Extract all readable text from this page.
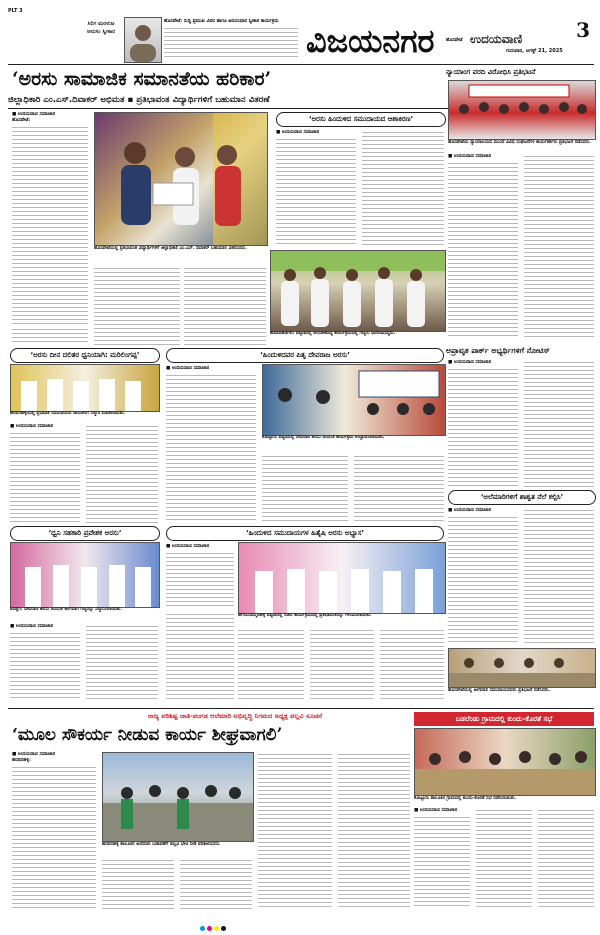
PLT 3
ಸಿರಿಗ ಮರಳುಜ ಅನುಸಂ ಸ್ವೀಕಾರ
ಹೊಸಪೇಟೆ: ಸುದ್ದಿ ಪ್ರಮುಖ ವಿವರ ಹಾಗೂ ಅನುಸಂಧಾನ ಸ್ವೀಕಾರ ಕಾರ್ಯಕ್ರಮ
ವಿಜಯನಗರ	3
ಹೊಸಪೇಟೆ ಉದಯವಾಣಿ
ಗುರುವಾರ, ಆಗಸ್ಟ್ 21, 2025
‘ಅರಸು ಸಾಮಾಜಿಕ ಸಮಾನತೆಯ ಹರಿಕಾರ’
ಜಿಲ್ಲಾಧಿಕಾರಿ ಎಂ.ಎಸ್.ದಿವಾಕರ್ ಅಭಿಮತ ▪ ಪ್ರತಿಭಾವಂತ ವಿದ್ಯಾರ್ಥಿಗಳಿಗೆ ಬಹುಮಾನ ವಿತರಣೆ
■ ಉದಯವಾಣಿ ಸಮಾಚಾರ
ಹೊಸಪೇಟೆ:
ಹೊಸಪೇಟೆಯಲ್ಲಿ ಪ್ರತಿಭಾವಂತ ವಿದ್ಯಾರ್ಥಿಗಳಿಗೆ ಜಿಲ್ಲಾಧಿಕಾರಿ ಎಂ.ಎಸ್. ದಿವಾಕರ್ ಬಹುಮಾನ ವಿತರಿಸಿದರು.
‘ಅರಸು ಹಿಂದುಳಿದ ಸಮುದಾಯದ ಆಶಾಕಿರಣ’
■ ಉದಯವಾಣಿ ಸಮಾಚಾರ
ಹೂವಿನಹಡಗಲಿ: ಪಟ್ಟಣದಲ್ಲಿ ಆಯೋಜಿಸಿದ್ದ ಕಾರ್ಯಕ್ರಮದಲ್ಲಿ ಗಣ್ಯರು ಭಾಗವಹಿಸಿದ್ದರು.
ನ್ಯಾಯಾಂಗ ವರದಿ ವಿರೋಧಿಸಿ ಪ್ರತಿಭಟನೆ
ಹೊಸಪೇಟೆಯ ನ್ಯಾಯಾಲಯದ ಮುಂದೆ ವಿವಿಧ ಸಂಘಟನೆಗಳ ಕಾರ್ಯಕರ್ತರು ಪ್ರತಿಭಟನೆ ನಡೆಸಿದರು.
■ ಉದಯವಾಣಿ ಸಮಾಚಾರ
ಅಪ್ರಾವೃತ ಪಾರ್ಕ್ ಅಭ್ಯರ್ಥಿಗಳಿಗೆ ನೋಟಿಸ್
■ ಉದಯವಾಣಿ ಸಮಾಚಾರ
‘ಅಲೆಮಾರಿಗಳಿಗೆ ಶಾಶ್ವತ ನೆಲೆ ಕಲ್ಪಿಸಿ’
■ ಉದಯವಾಣಿ ಸಮಾಚಾರ
ಹೊಸಪೇಟೆಯಲ್ಲಿ ಅಲೆಮಾರಿ ಸಮುದಾಯದವರು ಪ್ರತಿಭಟನೆ ನಡೆಸಿದರು.
‘ಅರಸು ದೀನ ದಲಿತರ ಧ್ವನಿಯಾಗಿ: ಮರಿಲಿಂಗಪ್ಪ’
ಹರಪನಹಳ್ಳಿಯಲ್ಲಿ ಪ್ರಭಾವಿತ ಸಮುದಾಯದ ನಾಯಕರಿಗೆ ಸನ್ಮಾನ ಮಾಡಲಾಯಿತು.
■ ಉದಯವಾಣಿ ಸಮಾಚಾರ
‘ಹಿಂದುಳಿದವರ ಪಿತೃ ದೇವರಾಜ ಅರಸು’
■ ಉದಯವಾಣಿ ಸಮಾಚಾರ
ಕೊಟ್ಟೂರು ಪಟ್ಟಣದಲ್ಲಿ ದೇವರಾಜ ಅರಸು ಜಯಂತಿ ಕಾರ್ಯಕ್ರಮ ಉದ್ಘಾಟಿಸಲಾಯಿತು.
‘ಧ್ವನಿ ಸಹಕಾರಿ ಪ್ರವೇಶಕ ಅರಸು’
ಕೂಡ್ಲಿಗಿ: ದೇವರಾಜ ಅರಸು ಜಯಂತಿ ಅಂಗವಾಗಿ ಗಣ್ಯರನ್ನು ಸನ್ಮಾನಿಸಲಾಯಿತು.
■ ಉದಯವಾಣಿ ಸಮಾಚಾರ
‘ಹಿಂದುಳಿದ ಸಮುದಾಯಗಳ ಹಿತೈಷಿ ಅರಸು ಅಭ್ಯಾಸ’
■ ಉದಯವಾಣಿ ಸಮಾಚಾರ
ಹಗರಿಬೊಮ್ಮನಹಳ್ಳಿ ಪಟ್ಟಣದಲ್ಲಿ ನಡೆದ ಕಾರ್ಯಕ್ರಮದಲ್ಲಿ ಪ್ರತಿಭಾವಂತರನ್ನು ಗೌರವಿಸಲಾಯಿತು.
ರಾಜ್ಯ ಪರಿಶಿಷ್ಟ ಜಾತಿ-ಪಂಗಡ ಆಲೆಮಾರಿ ಅಭಿವೃದ್ಧಿ ನಿಗಮದ ಅಧ್ಯಕ್ಷ ಪಲ್ಲವಿ ಸೂಚನೆ
‘ಮೂಲ ಸೌಕರ್ಯ ನೀಡುವ ಕಾರ್ಯ ಶೀಘ್ರವಾಗಲಿ’
ಬಡಲೆಂಡು ಗ್ರಾಮದಲ್ಲಿ ಕುಂದು-ಕೊರತೆ ಸಭೆ
ಕೊಟ್ಟೂರು ತಾಲೂಕಿನ ಗ್ರಾಮದಲ್ಲಿ ಕುಂದು-ಕೊರತೆ ಸಭೆ ನಡೆಸಲಾಯಿತು.
■ ಉದಯವಾಣಿ ಸಮಾಚಾರ
■ ಉದಯವಾಣಿ ಸಮಾಚಾರ
ಹರಪನಹಳ್ಳಿ:
ಹರಪನಹಳ್ಳಿ ತಾಲೂಕಿನ ಅಲೆಮಾರಿ ಬಡಾವಣೆಗೆ ಪಲ್ಲವಿ ಭೇಟಿ ನೀಡಿ ಪರಿಶೀಲಿಸಿದರು.
